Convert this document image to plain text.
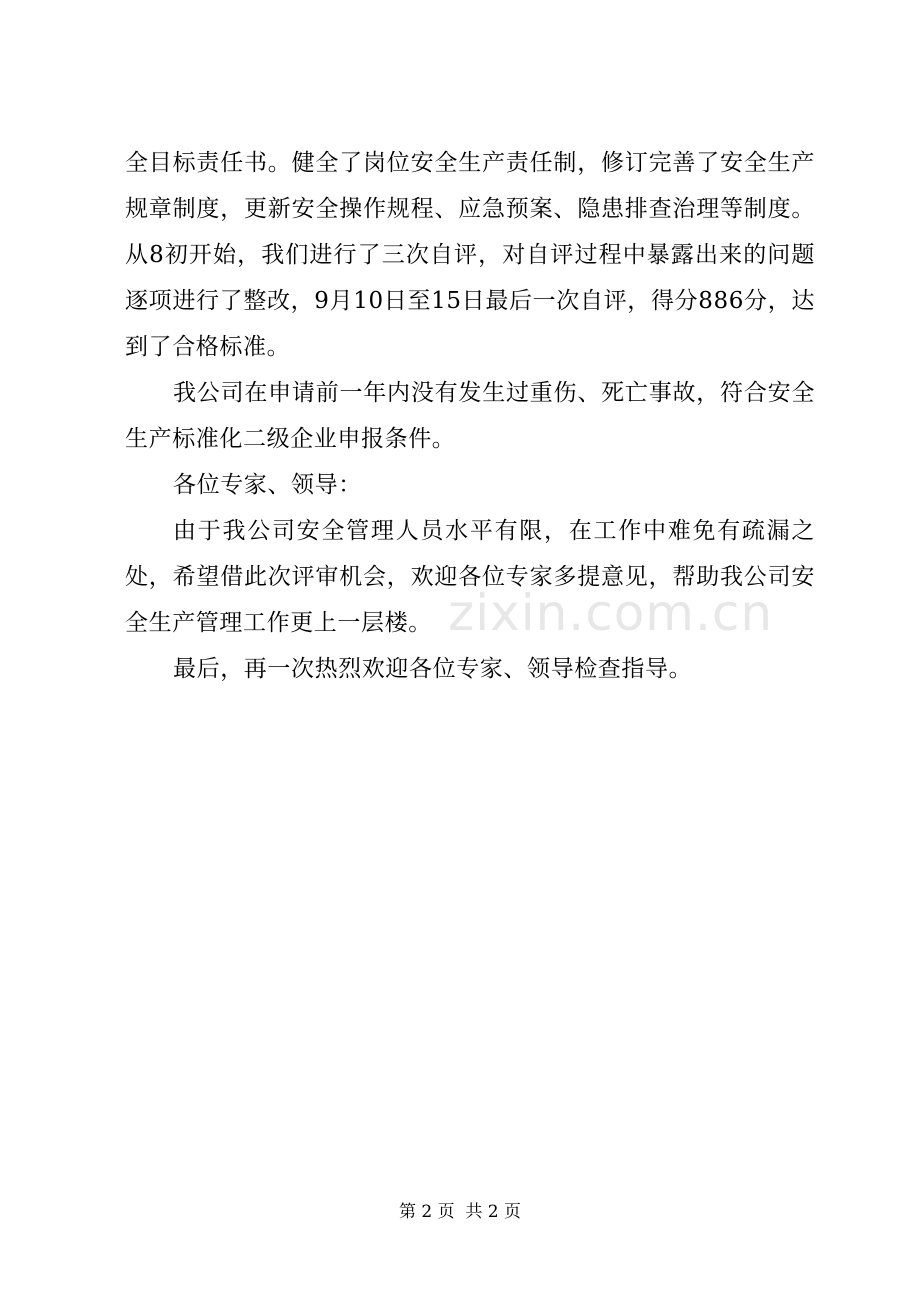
全目标责任书。健全了岗位安全生产责任制，修订完善了安全生产规章制度，更新安全操作规程、应急预案、隐患排查治理等制度。从8初开始，我们进行了三次自评，对自评过程中暴露出来的问题逐项进行了整改，9月10日至15日最后一次自评，得分886分，达到了合格标准。

我公司在申请前一年内没有发生过重伤、死亡事故，符合安全生产标准化二级企业申报条件。

各位专家、领导：

由于我公司安全管理人员水平有限，在工作中难免有疏漏之处，希望借此次评审机会，欢迎各位专家多提意见，帮助我公司安全生产管理工作更上一层楼。

最后，再一次热烈欢迎各位专家、领导检查指导。

zixin.com.cn
第 2 页  共 2 页
